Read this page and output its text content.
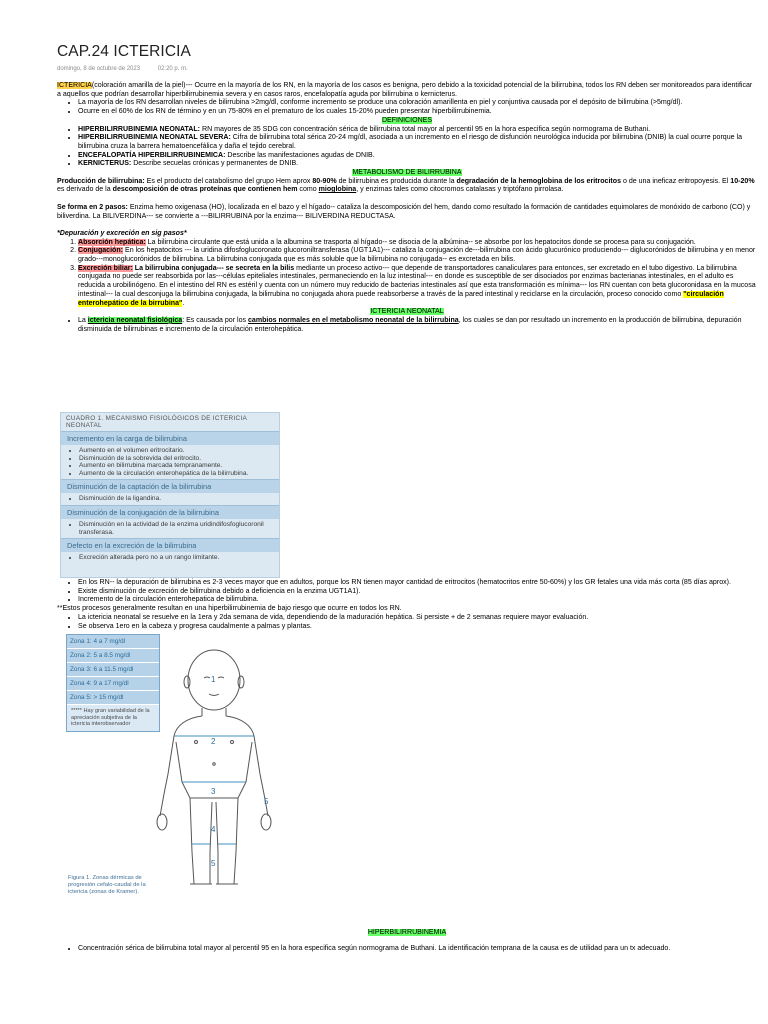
CAP.24 ICTERICIA
domingo, 8 de octubre de 2023	02:20 p. m.

ICTERICIA(coloración amarilla de la piel)--- Ocurre en la mayoría de los RN, en la mayoría de los casos es benigna, pero debido a la toxicidad potencial de la bilirrubina, todos los RN deben ser monitoreados para identificar a aquellos que podrían desarrollar hiperbilirrubinemia severa y en casos raros, encefalopatía aguda por bilirrubina o kernicterus.

• La mayoría de los RN desarrollan niveles de bilirrubina >2mg/dl, conforme incremento se produce una coloración amarillenta en piel y conjuntiva causada por el depósito de bilirrubina (>5mg/dl).
• Ocurre en el 60% de los RN de término y en un 75-80% en el prematuro de los cuales 15-20% pueden presentar hiperbilirrubinemia.

DEFINICIONES

• HIPERBILIRRUBINEMIA NEONATAL: RN mayores de 35 SDG con concentración sérica de bilirrubina total mayor al percentil 95 en la hora especifica según normograma de Buthani.
• HIPERBILIRRUBINEMIA NEONATAL SEVERA: Cifra de bilirrubina total sérica 20-24 mg/dl, asociada a un incremento en el riesgo de disfunción neurológica inducida por bilirrubina (DNIB) la cual ocurre porque la bilirrubina cruza la barrera hematoencefálica y daña el tejido cerebral.
• ENCEFALOPATÍA HIPERBILIRRUBINEMICA: Describe las manifestaciones agudas de DNIB.
• KERNICTERUS: Describe secuelas crónicas y permanentes de DNIB.

METABOLISMO DE BILIRRUBINA

Producción de bilirrubina: Es el producto del catabolismo del grupo Hem aprox 80-90% de bilirrubina es producida durante la degradación de la hemoglobina de los eritrocitos o de una ineficaz eritropoyesis. El 10-20% es derivado de la descomposición de otras proteínas que contienen hem como mioglobina, y enzimas tales como citocromos catalasas y triptófano pirrolasa.

Se forma en 2 pasos: Enzima hemo oxigenasa (HO), localizada en el bazo y el hígado-- cataliza la descomposición del hem, dando como resultado la formación de cantidades equimolares de monóxido de carbono (CO) y biliverdina. La BILIVERDINA--- se convierte a ---BILIRRUBINA por la enzima--- BILIVERDINA REDUCTASA.

*Depuración y excreción en sig pasos*

1. Absorción hepática: La bilirrubina circulante que está unida a la albumina se trasporta al hígado-- se disocia de la albúmina-- se absorbe por los hepatocitos donde se procesa para su conjugación.
2. Conjugación: En los hepatocitos --- la uridina difosfoglucoronato glucoroniltransferasa (UGT1A1)--- cataliza la conjugación de---bilirrubina con ácido glucurónico produciendo--- diglucorónidos de bilirrubina y en menor grado---monoglucorónidos de bilirrubina. La bilirrubina conjugada que es más soluble que la bilirrubina no conjugada-- es excretada en bilis.
3. Excreción biliar: La bilirrubina conjugada--- se secreta en la bilis mediante un proceso activo--- que depende de transportadores canaliculares para entonces, ser excretado en el tubo digestivo. La bilirrubina conjugada no puede ser reabsorbida por las---células epiteliales intestinales, permaneciendo en la luz intestinal--- en donde es susceptible de ser disociados por enzimas bacterianas intestinales, en el adulto es reducida a urobilinógeno. En el intestino del RN es estéril y cuenta con un número muy reducido de bacterias intestinales así que esta transformación es mínima--- los RN cuentan con beta glucoronidasa en la mucosa intestinal--- la cual desconjuga la bilirrubina conjugada, la bilirrubina no conjugada ahora puede reabsorberse a través de la pared intestinal y reciclarse en la circulación, proceso conocido como "circulación enterohepático de la birrubina".

ICTERICIA NEONATAL

• La ictericia neonatal fisiológica: Es causada por los cambios normales en el metabolismo neonatal de la bilirrubina, los cuales se dan por resultado un incremento en la producción de bilirrubina, depuración disminuida de bilirrubinas e incremento de la circulación enterohepática.
CUADRO 1. MECANISMO FISIOLÓGICOS DE ICTERICIA NEONATAL
Incremento en la carga de bilirrubina
• Aumento en el volumen eritrocitario.
• Disminución de la sobrevida del eritrocito.
• Aumento en bilirrubina marcada tempranamente.
• Aumento de la circulación enterohepática de la bilirrubina.
Disminución de la captación de la bilirrubina
• Disminución de la ligandina.
Disminución de la conjugación de la bilirrubina
• Disminución en la actividad de la enzima uridindifosfoglucoronil transferasa.
Defecto en la excreción de la bilirrubina
• Excreción alterada pero no a un rango limitante.
• En los RN-- la depuración de bilirrubina es 2-3 veces mayor que en adultos, porque los RN tienen mayor cantidad de eritrocitos (hematocritos entre 50-60%) y los GR fetales una vida más corta (85 días aprox).
• Existe disminución de excreción de bilirrubina debido a deficiencia en la enzima UGT1A1).
• Incremento de la circulación enterohepatica de bilirrubina.

**Estos procesos generalmente resultan en una hiperbilirrubinemia de bajo riesgo que ocurre en todos los RN.

• La ictericia neonatal se resuelve en la 1era y 2da semana de vida, dependiendo de la maduración hepática. Si persiste + de 2 semanas requiere mayor evaluación.
• Se observa 1ero en la cabeza y progresa caudalmente a palmas y plantas.
Zona 1: 4 a 7 mg/dl
Zona 2: 5 a 8.5 mg/dl
Zona 3: 6 a 11.5 mg/dl
Zona 4: 9 a 17 mg/dl
Zona 5: > 15 mg/dl
***** Hay gran variabilidad de la apreciación subjetiva de la ictericia interobservador
Figura 1. Zonas dérmicas de progresión cefalo-caudal de la ictericia (zonas de Kramer).
1
2
3
4
5
5

HIPERBILIRRUBINEMIA

• Concentración sérica de bilirrubina total mayor al percentil 95 en la hora especifica según normograma de Buthani. La identificación temprana de la causa es de utilidad para un tx adecuado.
